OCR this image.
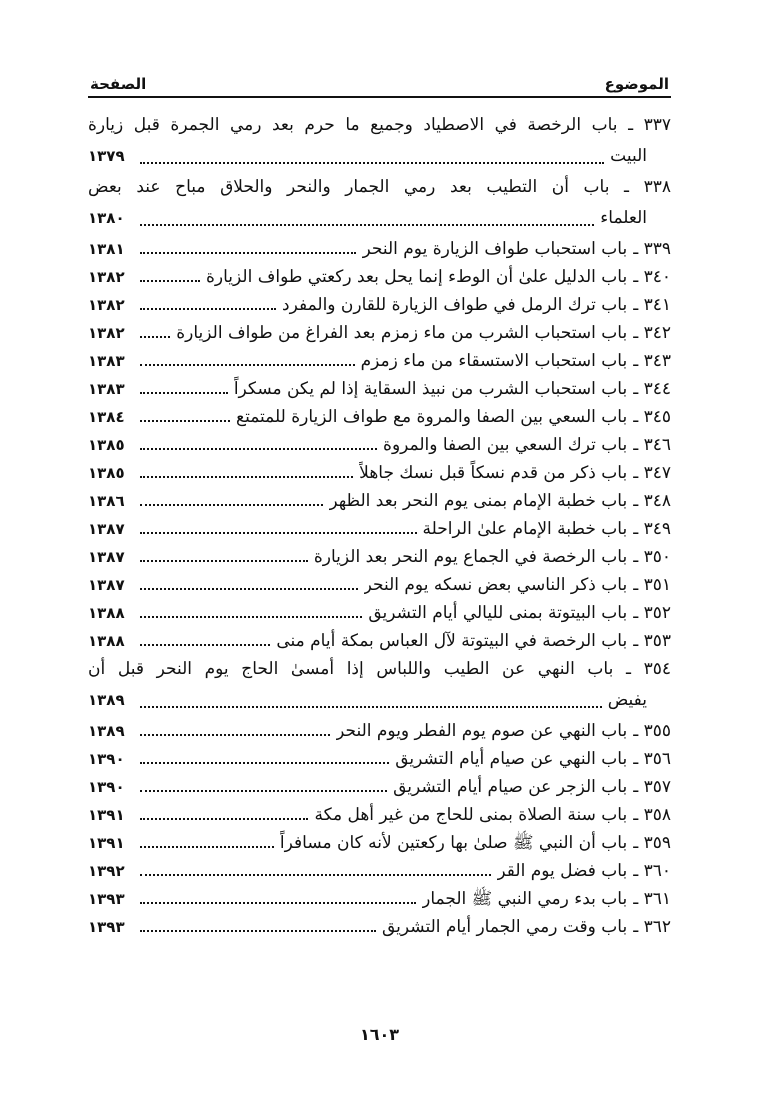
الموضوع
الصفحة
٣٣٧ ـ باب الرخصة في الاصطياد وجميع ما حرم بعد رمي الجمرة قبل زيارة
البيت
١٣٧٩
٣٣٨ ـ باب أن التطيب بعد رمي الجمار والنحر والحلاق مباح عند بعض
العلماء
١٣٨٠
٣٣٩ ـ
باب استحباب طواف الزيارة يوم النحر
١٣٨١
٣٤٠ ـ
باب الدليل علىٰ أن الوطء إنما يحل بعد ركعتي طواف الزيارة
١٣٨٢
٣٤١ ـ
باب ترك الرمل في طواف الزيارة للقارن والمفرد
١٣٨٢
٣٤٢ ـ
باب استحباب الشرب من ماء زمزم بعد الفراغ من طواف الزيارة
١٣٨٢
٣٤٣ ـ
باب استحباب الاستسقاء من ماء زمزم
١٣٨٣
٣٤٤ ـ
باب استحباب الشرب من نبيذ السقاية إذا لم يكن مسكراً
١٣٨٣
٣٤٥ ـ
باب السعي بين الصفا والمروة مع طواف الزيارة للمتمتع
١٣٨٤
٣٤٦ ـ
باب ترك السعي بين الصفا والمروة
١٣٨٥
٣٤٧ ـ
باب ذكر من قدم نسكاً قبل نسك جاهلاً
١٣٨٥
٣٤٨ ـ
باب خطبة الإمام بمنى يوم النحر بعد الظهر
١٣٨٦
٣٤٩ ـ
باب خطبة الإمام علىٰ الراحلة
١٣٨٧
٣٥٠ ـ
باب الرخصة في الجماع يوم النحر بعد الزيارة
١٣٨٧
٣٥١ ـ
باب ذكر الناسي بعض نسكه يوم النحر
١٣٨٧
٣٥٢ ـ
باب البيتوتة بمنى لليالي أيام التشريق
١٣٨٨
٣٥٣ ـ
باب الرخصة في البيتوتة لآل العباس بمكة أيام منى
١٣٨٨
٣٥٤ ـ باب النهي عن الطيب واللباس إذا أمسىٰ الحاج يوم النحر قبل أن
يفيض
١٣٨٩
٣٥٥ ـ
باب النهي عن صوم يوم الفطر ويوم النحر
١٣٨٩
٣٥٦ ـ
باب النهي عن صيام أيام التشريق
١٣٩٠
٣٥٧ ـ
باب الزجر عن صيام أيام التشريق
١٣٩٠
٣٥٨ ـ
باب سنة الصلاة بمنى للحاج من غير أهل مكة
١٣٩١
٣٥٩ ـ
باب أن النبي ﷺ صلىٰ بها ركعتين لأنه كان مسافراً
١٣٩١
٣٦٠ ـ
باب فضل يوم القر
١٣٩٢
٣٦١ ـ
باب بدء رمي النبي ﷺ الجمار
١٣٩٣
٣٦٢ ـ
باب وقت رمي الجمار أيام التشريق
١٣٩٣
١٦٠٣
